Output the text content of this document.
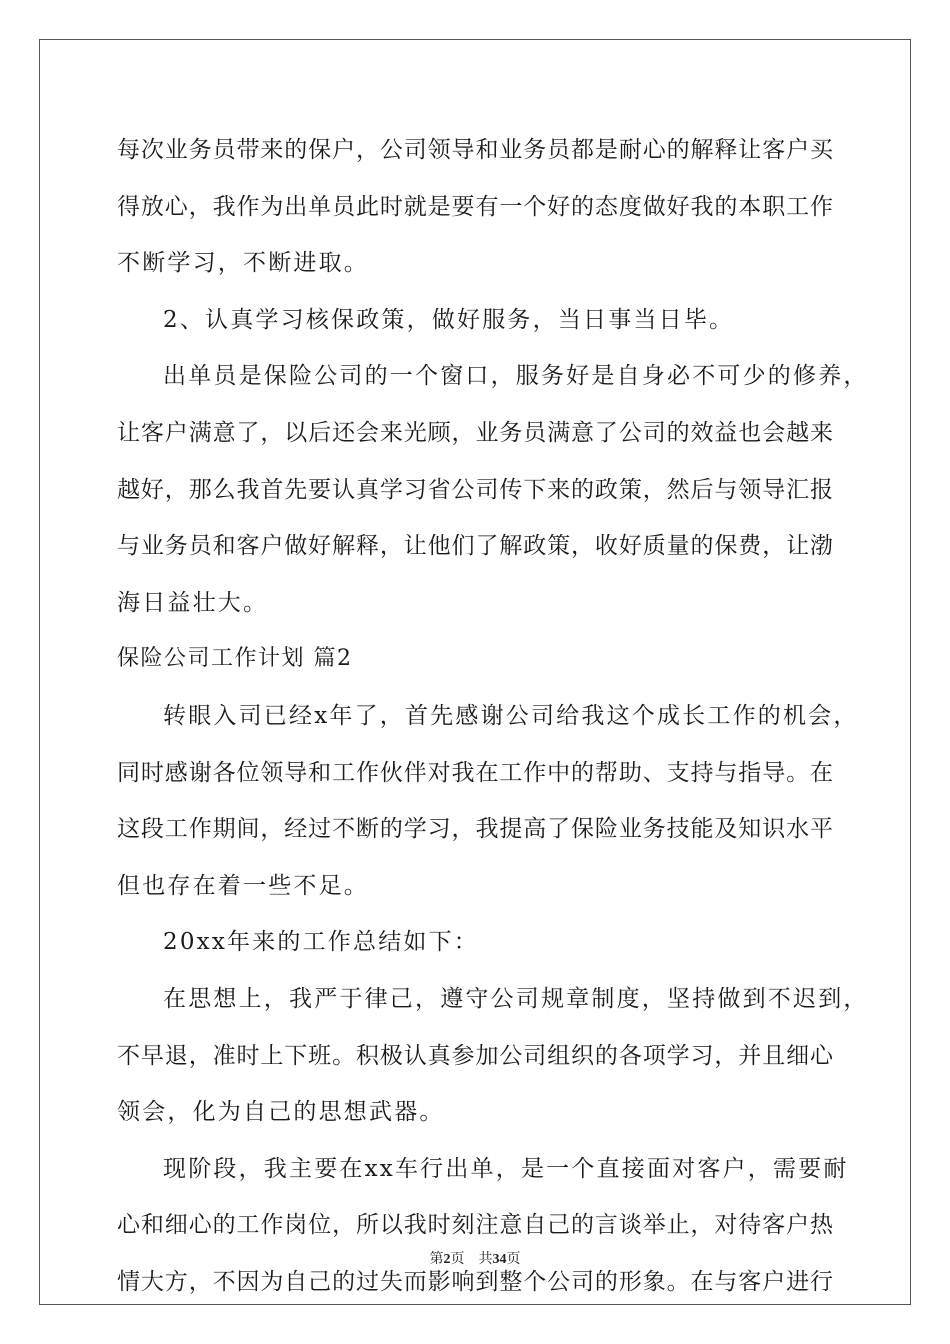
每次业务员带来的保户，公司领导和业务员都是耐心的解释让客户买
得放心，我作为出单员此时就是要有一个好的态度做好我的本职工作
不断学习，不断进取。
2、认真学习核保政策，做好服务，当日事当日毕。
出单员是保险公司的一个窗口，服务好是自身必不可少的修养，
让客户满意了，以后还会来光顾，业务员满意了公司的效益也会越来
越好，那么我首先要认真学习省公司传下来的政策，然后与领导汇报
与业务员和客户做好解释，让他们了解政策，收好质量的保费，让渤
海日益壮大。
保险公司工作计划 篇2
转眼入司已经x年了，首先感谢公司给我这个成长工作的机会，
同时感谢各位领导和工作伙伴对我在工作中的帮助、支持与指导。在
这段工作期间，经过不断的学习，我提高了保险业务技能及知识水平
但也存在着一些不足。
20xx年来的工作总结如下：
在思想上，我严于律己，遵守公司规章制度，坚持做到不迟到，
不早退，准时上下班。积极认真参加公司组织的各项学习，并且细心
领会，化为自己的思想武器。
现阶段，我主要在xx车行出单，是一个直接面对客户，需要耐
心和细心的工作岗位，所以我时刻注意自己的言谈举止，对待客户热
情大方，不因为自己的过失而影响到整个公司的形象。在与客户进行
第2页 共34页
